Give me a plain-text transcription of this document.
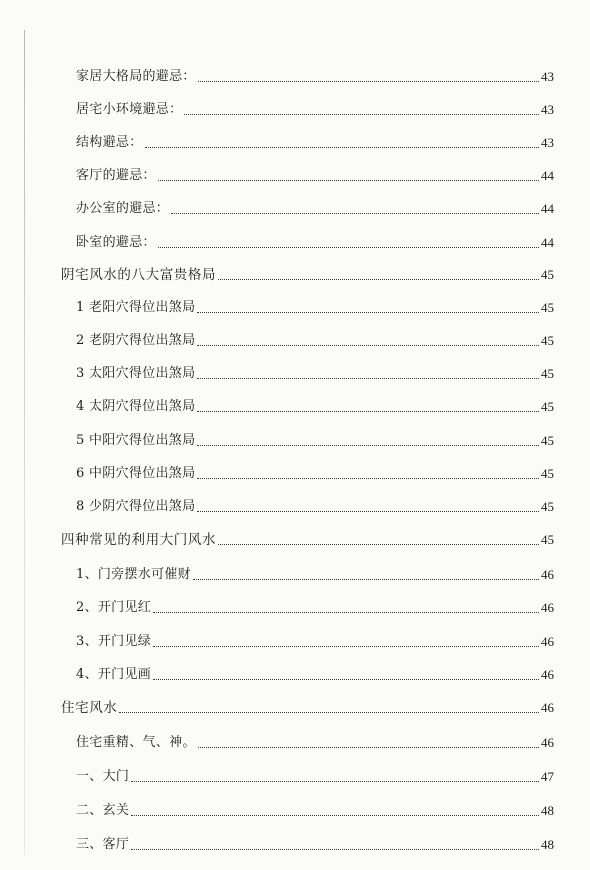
家居大格局的避忌：	43
居宅小环境避忌：	43
结构避忌：	43
客厅的避忌：	44
办公室的避忌：	44
卧室的避忌：	44
阴宅风水的八大富贵格局	45
1 老阳穴得位出煞局	45
2 老阴穴得位出煞局	45
3 太阳穴得位出煞局	45
4 太阴穴得位出煞局	45
5 中阳穴得位出煞局	45
6 中阴穴得位出煞局	45
8 少阴穴得位出煞局	45
四种常见的利用大门风水	45
1、门旁摆水可催财	46
2、开门见红	46
3、开门见绿	46
4、开门见画	46
住宅风水	46
住宅重精、气、神。	46
一、大门	47
二、玄关	48
三、客厅	48
